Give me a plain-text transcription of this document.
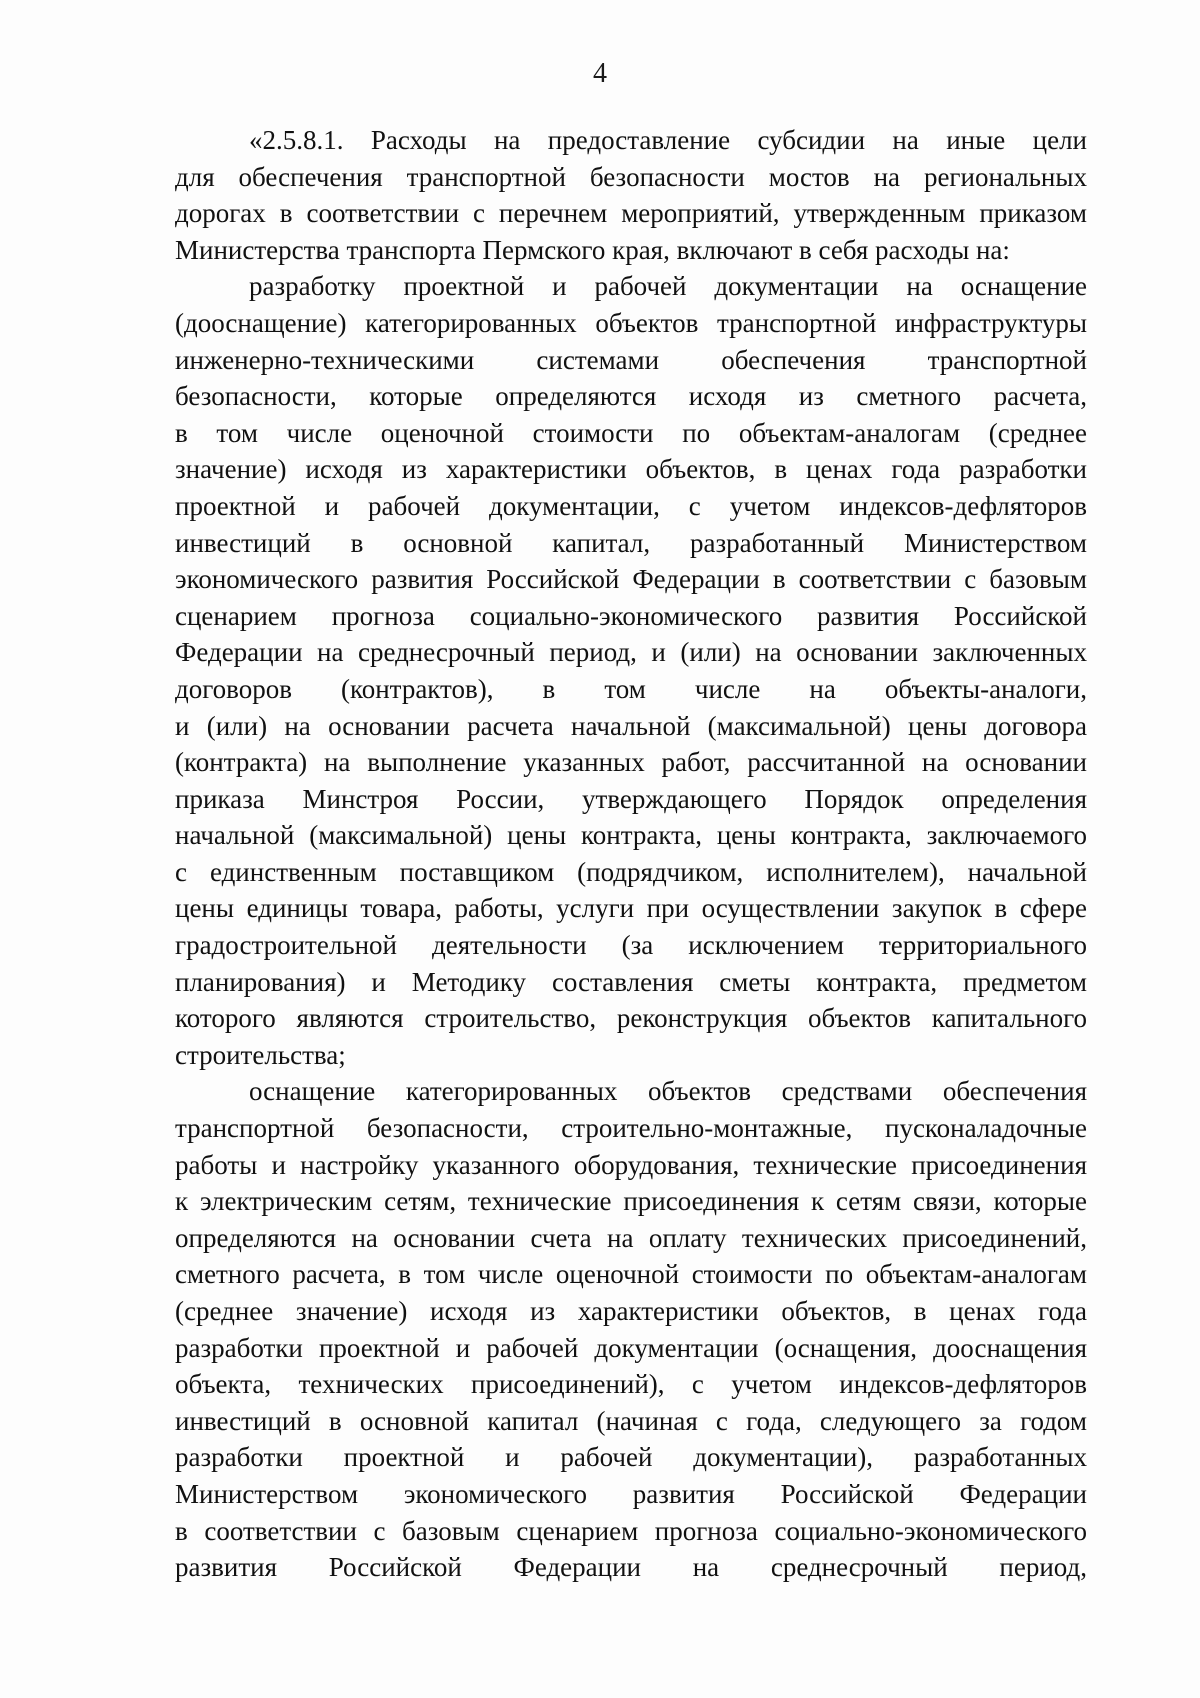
4
«2.5.8.1. Расходы на предоставление субсидии на иные цели
для обеспечения транспортной безопасности мостов на региональных
дорогах в соответствии с перечнем мероприятий, утвержденным приказом
Министерства транспорта Пермского края, включают в себя расходы на:
разработку проектной и рабочей документации на оснащение
(дооснащение) категорированных объектов транспортной инфраструктуры
инженерно-техническими системами обеспечения транспортной
безопасности, которые определяются исходя из сметного расчета,
в том числе оценочной стоимости по объектам-аналогам (среднее
значение) исходя из характеристики объектов, в ценах года разработки
проектной и рабочей документации, с учетом индексов-дефляторов
инвестиций в основной капитал, разработанный Министерством
экономического развития Российской Федерации в соответствии с базовым
сценарием прогноза социально-экономического развития Российской
Федерации на среднесрочный период, и (или) на основании заключенных
договоров (контрактов), в том числе на объекты-аналоги,
и (или) на основании расчета начальной (максимальной) цены договора
(контракта) на выполнение указанных работ, рассчитанной на основании
приказа Минстроя России, утверждающего Порядок определения
начальной (максимальной) цены контракта, цены контракта, заключаемого
с единственным поставщиком (подрядчиком, исполнителем), начальной
цены единицы товара, работы, услуги при осуществлении закупок в сфере
градостроительной деятельности (за исключением территориального
планирования) и Методику составления сметы контракта, предметом
которого являются строительство, реконструкция объектов капитального
строительства;
оснащение категорированных объектов средствами обеспечения
транспортной безопасности, строительно-монтажные, пусконаладочные
работы и настройку указанного оборудования, технические присоединения
к электрическим сетям, технические присоединения к сетям связи, которые
определяются на основании счета на оплату технических присоединений,
сметного расчета, в том числе оценочной стоимости по объектам-аналогам
(среднее значение) исходя из характеристики объектов, в ценах года
разработки проектной и рабочей документации (оснащения, дооснащения
объекта, технических присоединений), с учетом индексов-дефляторов
инвестиций в основной капитал (начиная с года, следующего за годом
разработки проектной и рабочей документации), разработанных
Министерством экономического развития Российской Федерации
в соответствии с базовым сценарием прогноза социально-экономического
развития Российской Федерации на среднесрочный период,
